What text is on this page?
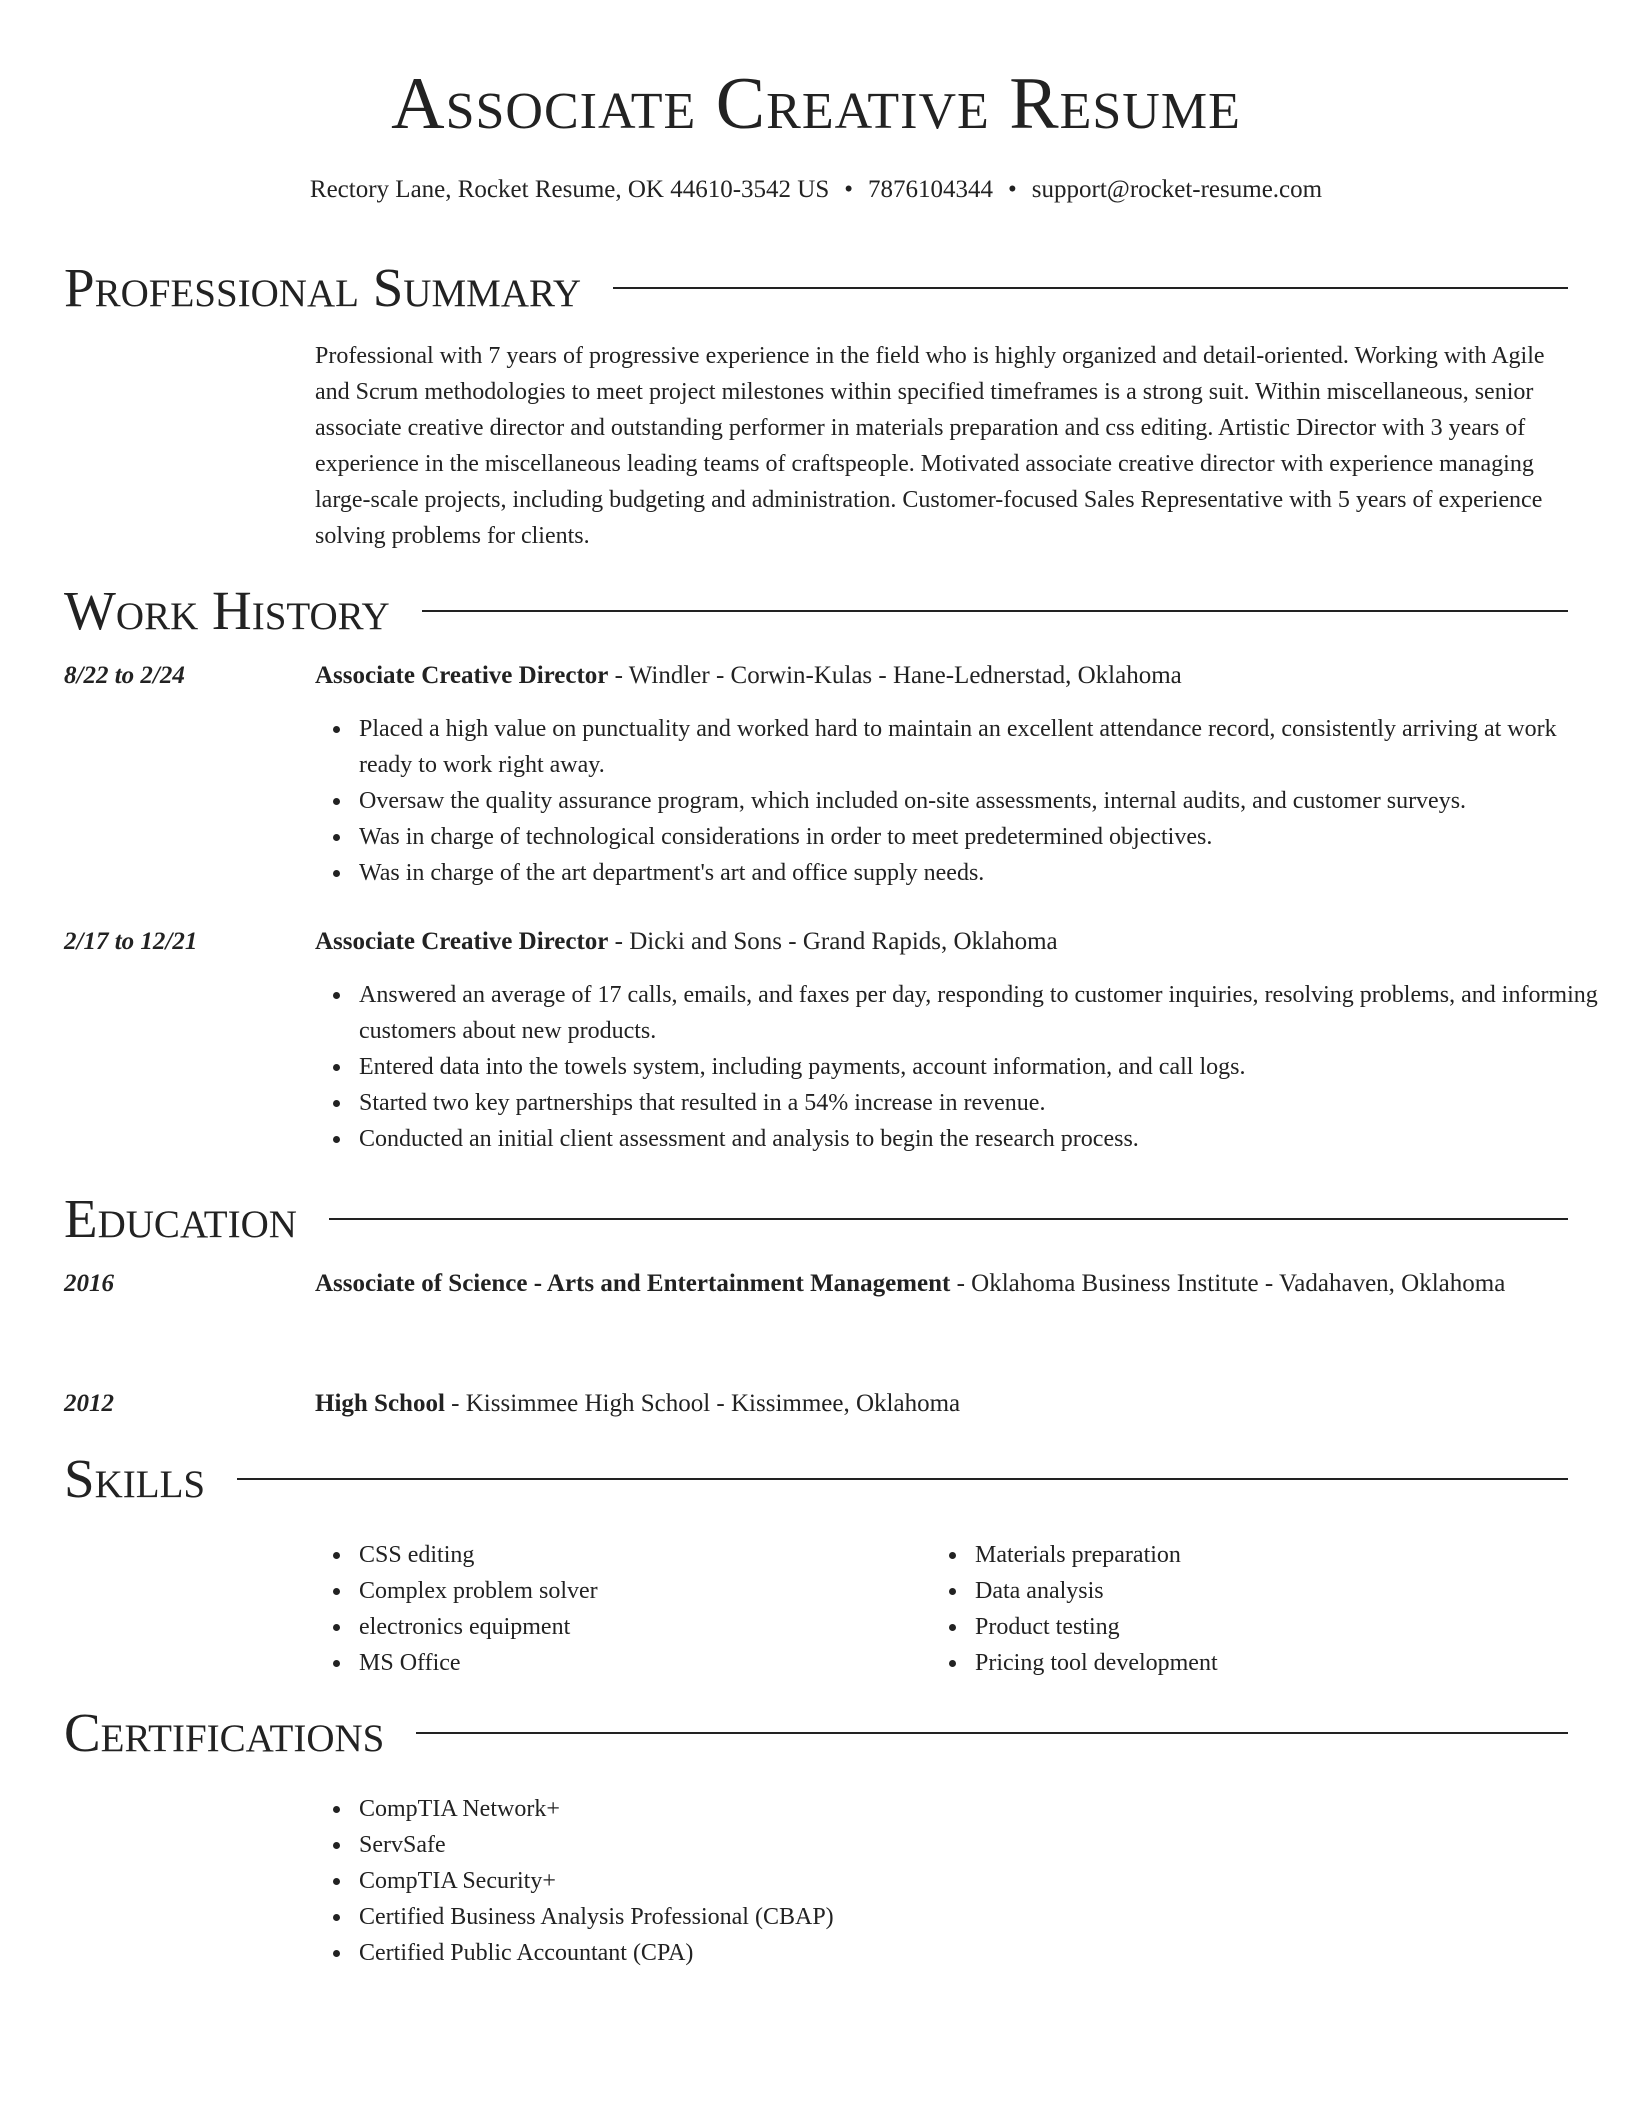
Associate Creative Resume
Rectory Lane, Rocket Resume, OK 44610-3542 US • 7876104344 • support@rocket-resume.com
Professional Summary
Professional with 7 years of progressive experience in the field who is highly organized and detail-oriented. Working with Agile and Scrum methodologies to meet project milestones within specified timeframes is a strong suit. Within miscellaneous, senior associate creative director and outstanding performer in materials preparation and css editing. Artistic Director with 3 years of experience in the miscellaneous leading teams of craftspeople. Motivated associate creative director with experience managing large-scale projects, including budgeting and administration. Customer-focused Sales Representative with 5 years of experience solving problems for clients.
Work History
8/22 to 2/24	Associate Creative Director - Windler - Corwin-Kulas - Hane-Lednerstad, Oklahoma
Placed a high value on punctuality and worked hard to maintain an excellent attendance record, consistently arriving at work ready to work right away.
Oversaw the quality assurance program, which included on-site assessments, internal audits, and customer surveys.
Was in charge of technological considerations in order to meet predetermined objectives.
Was in charge of the art department's art and office supply needs.
2/17 to 12/21	Associate Creative Director - Dicki and Sons - Grand Rapids, Oklahoma
Answered an average of 17 calls, emails, and faxes per day, responding to customer inquiries, resolving problems, and informing customers about new products.
Entered data into the towels system, including payments, account information, and call logs.
Started two key partnerships that resulted in a 54% increase in revenue.
Conducted an initial client assessment and analysis to begin the research process.
Education
2016	Associate of Science - Arts and Entertainment Management - Oklahoma Business Institute - Vadahaven, Oklahoma
2012	High School - Kissimmee High School - Kissimmee, Oklahoma
Skills
CSS editing
Complex problem solver
electronics equipment
MS Office
Materials preparation
Data analysis
Product testing
Pricing tool development
Certifications
CompTIA Network+
ServSafe
CompTIA Security+
Certified Business Analysis Professional (CBAP)
Certified Public Accountant (CPA)
